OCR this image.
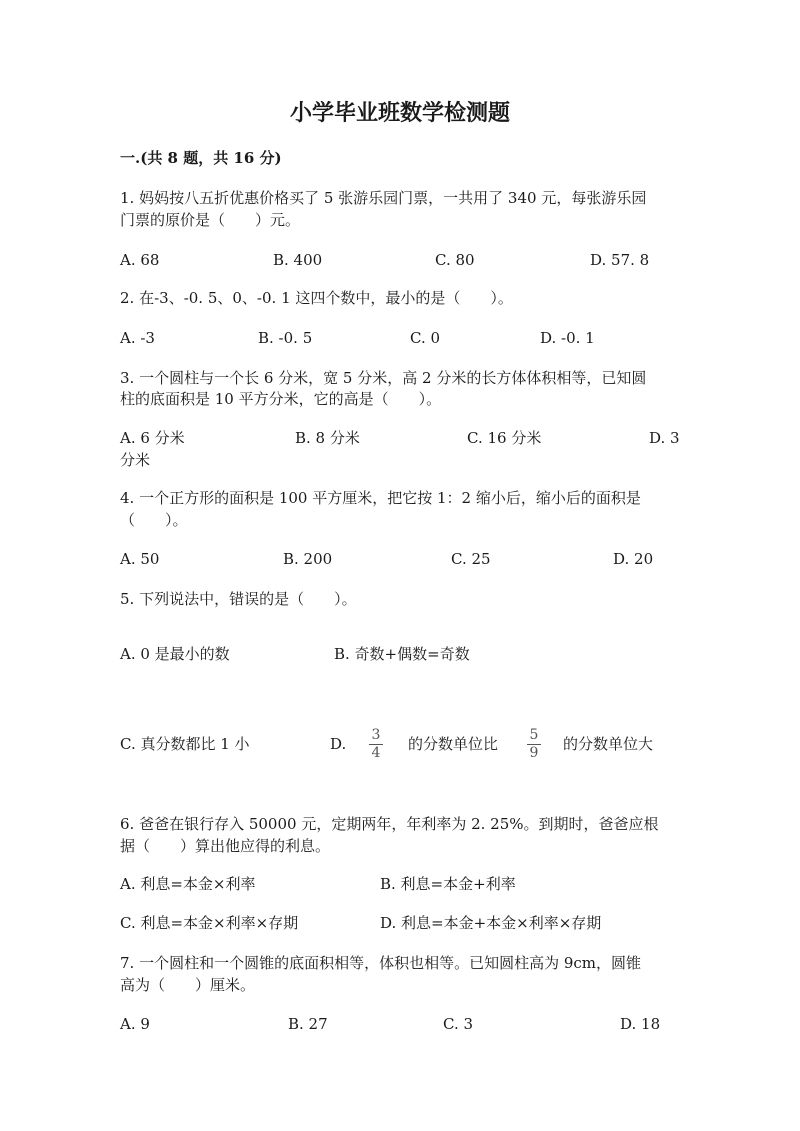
小学毕业班数学检测题
一.(共 8 题，共 16 分)
1. 妈妈按八五折优惠价格买了 5 张游乐园门票，一共用了 340 元，每张游乐园
门票的原价是（　　）元。
A. 68	B. 400	C. 80	D. 57. 8
2. 在-3、-0. 5、0、-0. 1 这四个数中，最小的是（　　）。
A. -3	B. -0. 5	C. 0	D. -0. 1
3. 一个圆柱与一个长 6 分米，宽 5 分米，高 2 分米的长方体体积相等，已知圆
柱的底面积是 10 平方分米，它的高是（　　）。
A. 6 分米	B. 8 分米	C. 16 分米	D. 3
分米
4. 一个正方形的面积是 100 平方厘米，把它按 1：2 缩小后，缩小后的面积是
（　　）。
A. 50	B. 200	C. 25	D. 20
5. 下列说法中，错误的是（　　）。
A. 0 是最小的数	B. 奇数+偶数=奇数
C. 真分数都比 1 小	D.	3
4	的分数单位比	5
9	的分数单位大
6. 爸爸在银行存入 50000 元，定期两年，年利率为 2. 25%。到期时，爸爸应根
据（　　）算出他应得的利息。
A. 利息=本金×利率	B. 利息=本金+利率
C. 利息=本金×利率×存期	D. 利息=本金+本金×利率×存期
7. 一个圆柱和一个圆锥的底面积相等，体积也相等。已知圆柱高为 9cm，圆锥
高为（　　）厘米。
A. 9	B. 27	C. 3	D. 18
